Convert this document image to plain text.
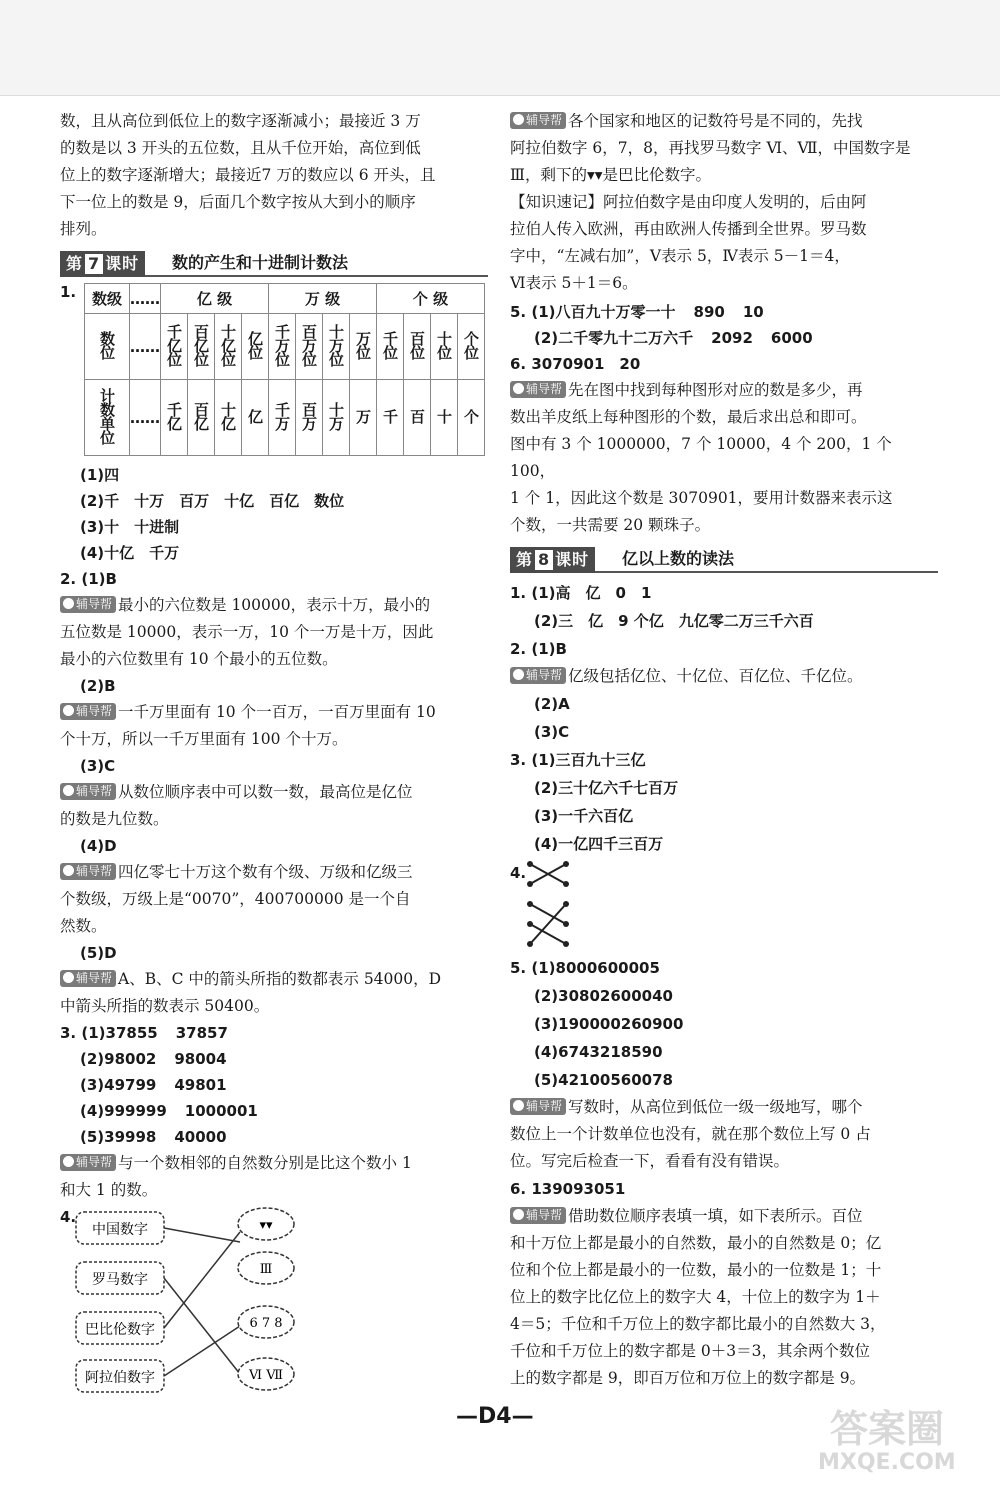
数，且从高位到低位上的数字逐渐减小；最接近 3 万

的数是以 3 开头的五位数，且从千位开始，高位到低

位上的数字逐渐增大；最接近7 万的数应以 6 开头，且

下一位上的数是 9，后面几个数字按从大到小的顺序

排列。

第 7 课时	数的产生和十进制计数法
1. 数级	……	亿 级				万 级				个 级			
数位	……	千亿位	百亿位	十亿位	亿位	千万位	百万位	十万位	万位	千位	百位	十位	个位
计数单位	……	千亿	百亿	十亿	亿	千万	百万	十万	万	千	百	十	个

(1)四

(2)千　十万　百万　十亿　百亿　数位

(3)十　十进制

(4)十亿　千万

2. (1)B

辅导帮 最小的六位数是 100000，表示十万，最小的

五位数是 10000，表示一万，10 个一万是十万，因此

最小的六位数里有 10 个最小的五位数。

(2)B

辅导帮 一千万里面有 10 个一百万，一百万里面有 10

个十万，所以一千万里面有 100 个十万。

(3)C

辅导帮 从数位顺序表中可以数一数，最高位是亿位

的数是九位数。

(4)D

辅导帮 四亿零七十万这个数有个级、万级和亿级三

个数级，万级上是“0070”，400700000 是一个自

然数。

(5)D

辅导帮 A、B、C 中的箭头所指的数都表示 54000，D

中箭头所指的数表示 50400。

3. (1)37855 37857

(2)98002 98004

(3)49799 49801

(4)999999 1000001

(5)39998 40000

辅导帮 与一个数相邻的自然数分别是比这个数小 1

和大 1 的数。

4.
中国数字
罗马数字
巴比伦数字
阿拉伯数字
▾▾
Ⅲ
6 7 8
Ⅵ Ⅶ

辅导帮 各个国家和地区的记数符号是不同的，先找

阿拉伯数字 6，7，8，再找罗马数字 Ⅵ、Ⅶ，中国数字是

Ⅲ，剩下的▾▾是巴比伦数字。

【知识速记】阿拉伯数字是由印度人发明的，后由阿

拉伯人传入欧洲，再由欧洲人传播到全世界。罗马数

字中，“左减右加”，Ⅴ表示 5，Ⅳ表示 5－1＝4，

Ⅵ表示 5＋1＝6。

5. (1)八百九十万零一十 890 10

(2)二千零九十二万六千 2092 6000

6. 3070901　20

辅导帮 先在图中找到每种图形对应的数是多少，再

数出羊皮纸上每种图形的个数，最后求出总和即可。

图中有 3 个 1000000，7 个 10000，4 个 200，1 个 100，

1 个 1，因此这个数是 3070901，要用计数器来表示这

个数，一共需要 20 颗珠子。

第 8 课时	亿以上数的读法

1. (1)高　亿　0　1

(2)三　亿　9 个亿　九亿零二万三千六百

2. (1)B

辅导帮 亿级包括亿位、十亿位、百亿位、千亿位。

(2)A

(3)C

3. (1)三百九十三亿

(2)三十亿六千七百万

(3)一千六百亿

(4)一亿四千三百万

4.

5. (1)8000600005

(2)30802600040

(3)190000260900

(4)6743218590

(5)42100560078

辅导帮 写数时，从高位到低位一级一级地写，哪个

数位上一个计数单位也没有，就在那个数位上写 0 占

位。写完后检查一下，看看有没有错误。

6. 139093051

辅导帮 借助数位顺序表填一填，如下表所示。百位

和十万位上都是最小的自然数，最小的自然数是 0；亿

位和个位上都是最小的一位数，最小的一位数是 1；十

位上的数字比亿位上的数字大 4，十位上的数字为 1＋

4＝5；千位和千万位上的数字都比最小的自然数大 3，

千位和千万位上的数字都是 0＋3＝3，其余两个数位

上的数字都是 9，即百万位和万位上的数字都是 9。

—D4—	答案圈
MXQE.COM
